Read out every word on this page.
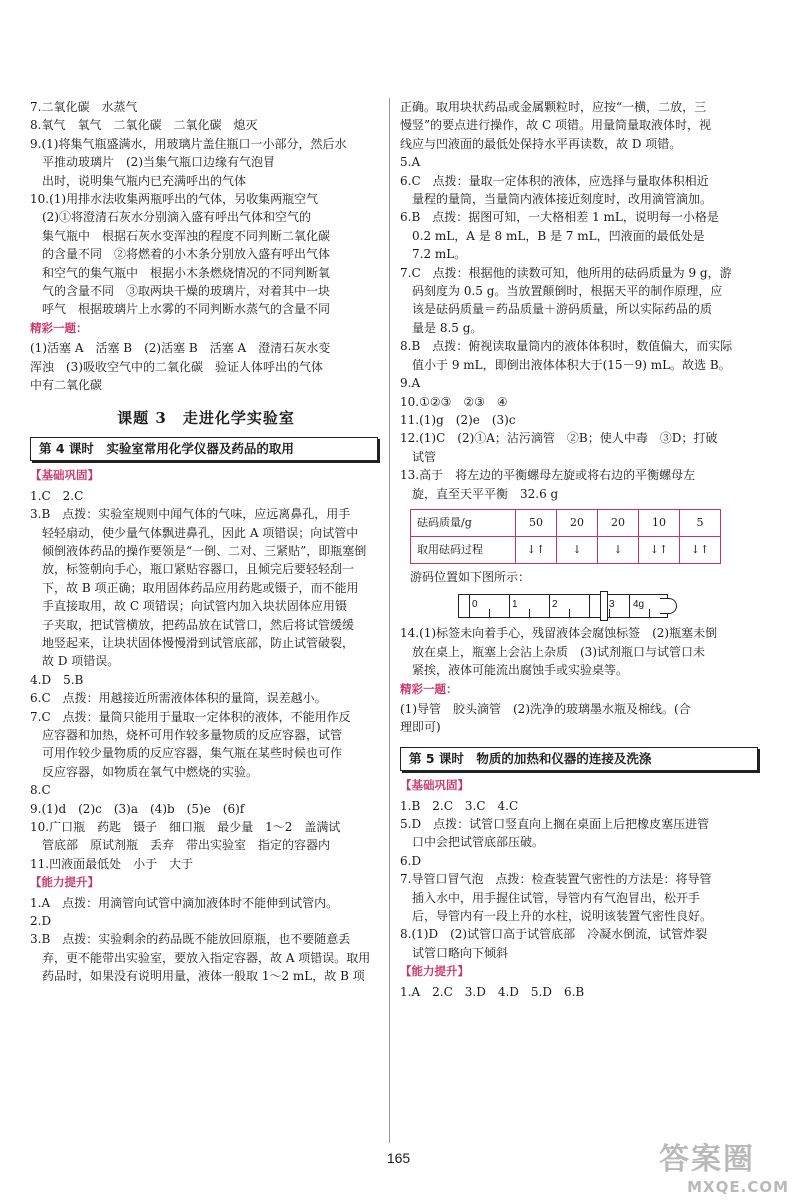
7.二氧化碳　水蒸气
8.氧气　氧气　二氧化碳　二氧化碳　熄灭
9.(1)将集气瓶盛满水，用玻璃片盖住瓶口一小部分，然后水
　平推动玻璃片　(2)当集气瓶口边缘有气泡冒
　出时，说明集气瓶内已充满呼出的气体
10.(1)用排水法收集两瓶呼出的气体，另收集两瓶空气
　(2)①将澄清石灰水分别滴入盛有呼出气体和空气的
　集气瓶中　根据石灰水变浑浊的程度不同判断二氧化碳
　的含量不同　②将燃着的小木条分别放入盛有呼出气体
　和空气的集气瓶中　根据小木条燃烧情况的不同判断氧
　气的含量不同　③取两块干燥的玻璃片，对着其中一块
　呼气　根据玻璃片上水雾的不同判断水蒸气的含量不同
精彩一题：
(1)活塞 A　活塞 B　(2)活塞 B　活塞 A　澄清石灰水变
浑浊　(3)吸收空气中的二氧化碳　验证人体呼出的气体
中有二氧化碳
课题 3　走进化学实验室
第 4 课时　实验室常用化学仪器及药品的取用
【基础巩固】
1.C　2.C
3.B　点拨：实验室规则中闻气体的气味，应远离鼻孔，用手
　轻轻扇动，使少量气体飘进鼻孔，因此 A 项错误；向试管中
　倾倒液体药品的操作要领是“一倒、二对、三紧贴”，即瓶塞倒
　放，标签朝向手心，瓶口紧贴容器口，且倾完后要轻轻刮一
　下，故 B 项正确；取用固体药品应用药匙或镊子，而不能用
　手直接取用，故 C 项错误；向试管内加入块状固体应用镊
　子夹取，把试管横放，把药品放在试管口，然后将试管缓缓
　地竖起来，让块状固体慢慢滑到试管底部，防止试管破裂，
　故 D 项错误。
4.D　5.B
6.C　点拨：用越接近所需液体体积的量筒，误差越小。
7.C　点拨：量筒只能用于量取一定体积的液体，不能用作反
　应容器和加热，烧杯可用作较多量物质的反应容器，试管
　可用作较少量物质的反应容器，集气瓶在某些时候也可作
　反应容器，如物质在氧气中燃烧的实验。
8.C
9.(1)d　(2)c　(3)a　(4)b　(5)e　(6)f
10.广口瓶　药匙　镊子　细口瓶　最少量　1～2　盖满试
　管底部　原试剂瓶　丢弃　带出实验室　指定的容器内
11.凹液面最低处　小于　大于
【能力提升】
1.A　点拨：用滴管向试管中滴加液体时不能伸到试管内。
2.D
3.B　点拨：实验剩余的药品既不能放回原瓶，也不要随意丢
　弃，更不能带出实验室，要放入指定容器，故 A 项错误。取用
　药品时，如果没有说明用量，液体一般取 1～2 mL，故 B 项
正确。取用块状药品或金属颗粒时，应按“一横，二放，三
慢竖”的要点进行操作，故 C 项错。用量筒量取液体时，视
线应与凹液面的最低处保持水平再读数，故 D 项错。
5.A
6.C　点拨：量取一定体积的液体，应选择与量取体积相近
　量程的量筒，当量筒内液体接近刻度时，改用滴管滴加。
6.B　点拨：据图可知，一大格相差 1 mL，说明每一小格是
　0.2 mL，A 是 8 mL，B 是 7 mL，凹液面的最低处是
　7.2 mL。
7.C　点拨：根据他的读数可知，他所用的砝码质量为 9 g，游
　码刻度为 0.5 g。当放置颠倒时，根据天平的制作原理，应
　该是砝码质量＝药品质量＋游码质量，所以实际药品的质
　量是 8.5 g。
8.B　点拨：俯视读取量筒内的液体体积时，数值偏大，而实际
　值小于 9 mL，即倒出液体体积大于(15－9) mL。故选 B。
9.A
10.①②③　②③　④
11.(1)g　(2)e　(3)c
12.(1)C　(2)①A；沾污滴管　②B；使人中毒　③D；打破
　试管
13.高于　将左边的平衡螺母左旋或将右边的平衡螺母左
　旋，直至天平平衡　32.6 g
砝码质量/g	50	20	20	10	5
取用砝码过程	↓↑	↓	↓	↓↑	↓↑
游码位置如下图所示：
0	1	2	3 4g
14.(1)标签未向着手心，残留液体会腐蚀标签　(2)瓶塞未倒
　放在桌上，瓶塞上会沾上杂质　(3)试剂瓶口与试管口未
　紧挨，液体可能流出腐蚀手或实验桌等。
精彩一题：
(1)导管　胶头滴管　(2)洗净的玻璃墨水瓶及棉线。(合
理即可)
第 5 课时　物质的加热和仪器的连接及洗涤
【基础巩固】
1.B　2.C　3.C　4.C
5.D　点拨：试管口竖直向上搁在桌面上后把橡皮塞压进管
　口中会把试管底部压破。
6.D
7.导管口冒气泡　点拨：检查装置气密性的方法是：将导管
　插入水中，用手握住试管，导管内有气泡冒出，松开手
　后，导管内有一段上升的水柱，说明该装置气密性良好。
8.(1)D　(2)试管口高于试管底部　冷凝水倒流，试管炸裂
　试管口略向下倾斜
【能力提升】
1.A　2.C　3.D　4.D　5.D　6.B
165	答案圈
MXQE.COM
